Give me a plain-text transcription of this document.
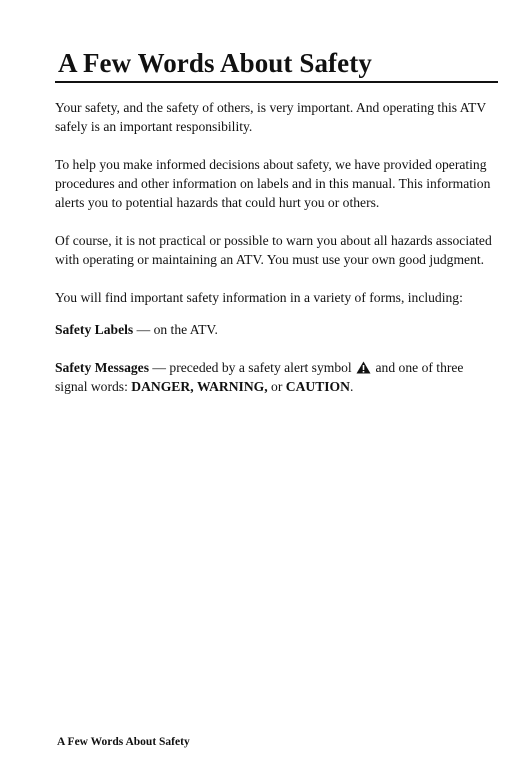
A Few Words About Safety

Your safety, and the safety of others, is very important. And operating this ATV safely is an important responsibility.

To help you make informed decisions about safety, we have provided operating procedures and other information on labels and in this manual. This information alerts you to potential hazards that could hurt you or others.

Of course, it is not practical or possible to warn you about all hazards associated with operating or maintaining an ATV. You must use your own good judgment.

You will find important safety information in a variety of forms, including:

Safety Labels — on the ATV.

Safety Messages — preceded by a safety alert symbol  and one of three signal words: DANGER, WARNING, or CAUTION.

A Few Words About Safety
